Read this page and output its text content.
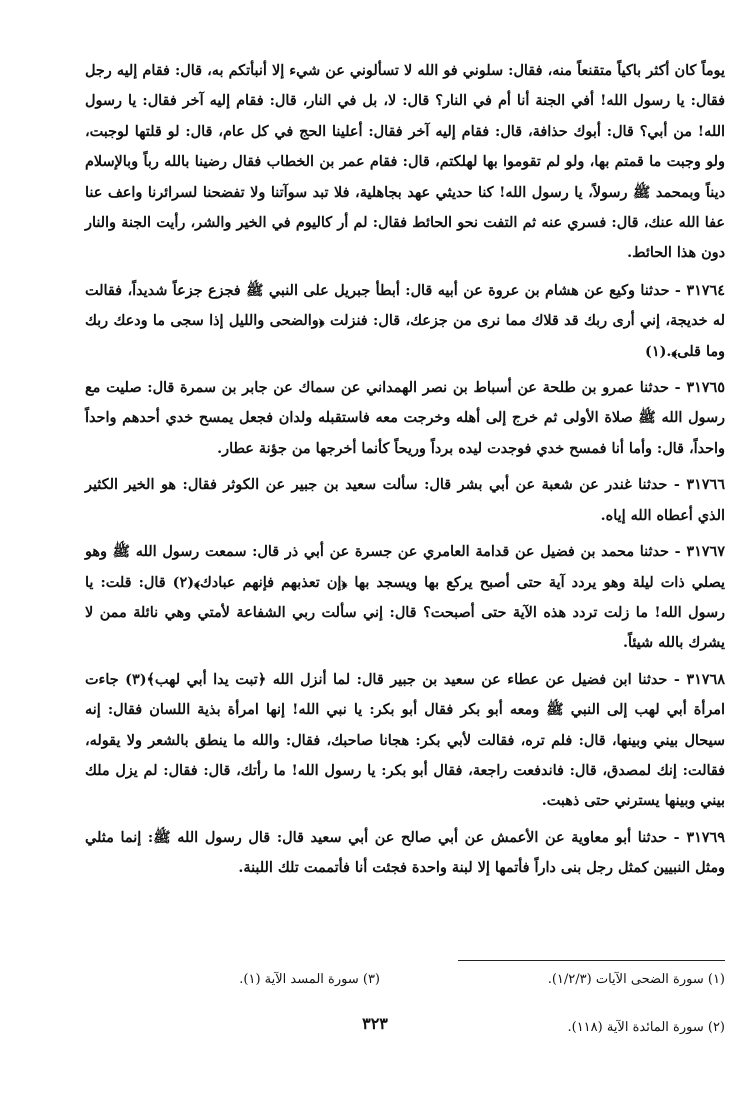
يوماً كان أكثر باكياً متقنعاً منه، فقال: سلوني فو الله لا تسألوني عن شيء إلا أنبأتكم به، قال: فقام إليه رجل فقال: يا رسول الله! أفي الجنة أنا أم في النار؟ قال: لا، بل في النار، قال: فقام إليه آخر فقال: يا رسول الله! من أبي؟ قال: أبوك حذافة، قال: فقام إليه آخر فقال: أعلينا الحج في كل عام، قال: لو قلتها لوجبت، ولو وجبت ما قمتم بها، ولو لم تقوموا بها لهلكتم، قال: فقام عمر بن الخطاب فقال رضينا بالله رباً وبالإسلام ديناً وبمحمد ﷺ رسولاً، يا رسول الله! كنا حديثي عهد بجاهلية، فلا تبد سوآتنا ولا تفضحنا لسرائرنا واعف عنا عفا الله عنك، قال: فسري عنه ثم التفت نحو الحائط فقال: لم أر كاليوم في الخير والشر، رأيت الجنة والنار دون هذا الحائط.

٣١٧٦٤ - حدثنا وكيع عن هشام بن عروة عن أبيه قال: أبطأ جبريل على النبي ﷺ فجزع جزعاً شديداً، فقالت له خديجة، إني أرى ربك قد قلاك مما نرى من جزعك، قال: فنزلت ﴿والضحى والليل إذا سجى ما ودعك ربك وما قلى﴾.(١)

٣١٧٦٥ - حدثنا عمرو بن طلحة عن أسباط بن نصر الهمداني عن سماك عن جابر بن سمرة قال: صليت مع رسول الله ﷺ صلاة الأولى ثم خرج إلى أهله وخرجت معه فاستقبله ولدان فجعل يمسح خدي أحدهم واحداً واحداً، قال: وأما أنا فمسح خدي فوجدت ليده برداً وريحاً كأنما أخرجها من جؤنة عطار.

٣١٧٦٦ - حدثنا غندر عن شعبة عن أبي بشر قال: سألت سعيد بن جبير عن الكوثر فقال: هو الخير الكثير الذي أعطاه الله إياه.

٣١٧٦٧ - حدثنا محمد بن فضيل عن قدامة العامري عن جسرة عن أبي ذر قال: سمعت رسول الله ﷺ وهو يصلي ذات ليلة وهو يردد آية حتى أصبح يركع بها ويسجد بها ﴿إن تعذبهم فإنهم عبادك﴾(٢) قال: قلت: يا رسول الله! ما زلت تردد هذه الآية حتى أصبحت؟ قال: إني سألت ربي الشفاعة لأمتي وهي نائلة ممن لا يشرك بالله شيئاً.

٣١٧٦٨ - حدثنا ابن فضيل عن عطاء عن سعيد بن جبير قال: لما أنزل الله ﴿تبت يدا أبي لهب﴾(٣) جاءت امرأة أبي لهب إلى النبي ﷺ ومعه أبو بكر فقال أبو بكر: يا نبي الله! إنها امرأة بذية اللسان فقال: إنه سيحال بيني وبينها، قال: فلم تره، فقالت لأبي بكر: هجانا صاحبك، فقال: والله ما ينطق بالشعر ولا يقوله، فقالت: إنك لمصدق، قال: فاندفعت راجعة، فقال أبو بكر: يا رسول الله! ما رأتك، قال: فقال: لم يزل ملك بيني وبينها يسترني حتى ذهبت.

٣١٧٦٩ - حدثنا أبو معاوية عن الأعمش عن أبي صالح عن أبي سعيد قال: قال رسول الله ﷺ: إنما مثلي ومثل النبيين كمثل رجل بنى داراً فأتمها إلا لبنة واحدة فجئت أنا فأتممت تلك اللبنة.

(١) سورة الضحى الآيات (١/٢/٣).
(٣) سورة المسد الآية (١).
(٢) سورة المائدة الآية (١١٨).
٣٢٣
